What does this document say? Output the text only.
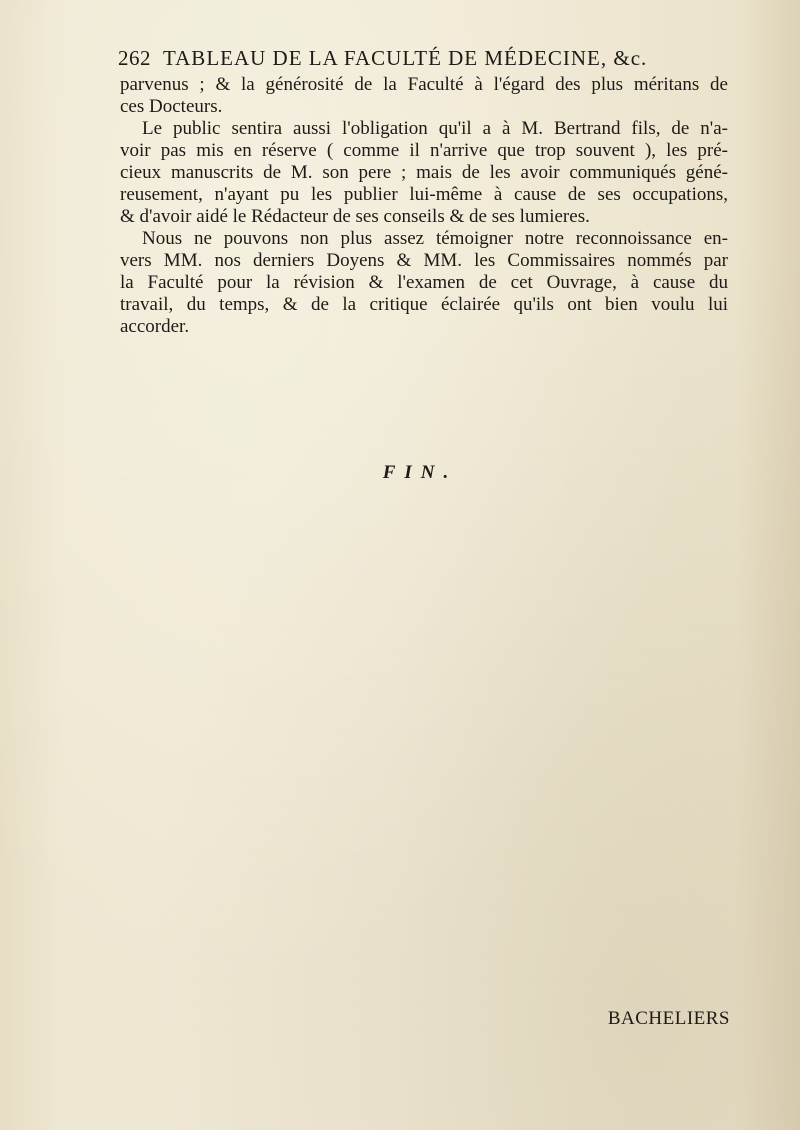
262 TABLEAU DE LA FACULTÉ DE MÉDECINE, &c.
parvenus ; & la générosité de la Faculté à l'égard des plus méritans de
ces Docteurs.
Le public sentira aussi l'obligation qu'il a à M. Bertrand fils, de n'a-
voir pas mis en réserve ( comme il n'arrive que trop souvent ), les pré-
cieux manuscrits de M. son pere ; mais de les avoir communiqués géné-
reusement, n'ayant pu les publier lui-même à cause de ses occupations,
& d'avoir aidé le Rédacteur de ses conseils & de ses lumieres.
Nous ne pouvons non plus assez témoigner notre reconnoissance en-
vers MM. nos derniers Doyens & MM. les Commissaires nommés par
la Faculté pour la révision & l'examen de cet Ouvrage, à cause du
travail, du temps, & de la critique éclairée qu'ils ont bien voulu lui
accorder.
FIN.
BACHELIERS
